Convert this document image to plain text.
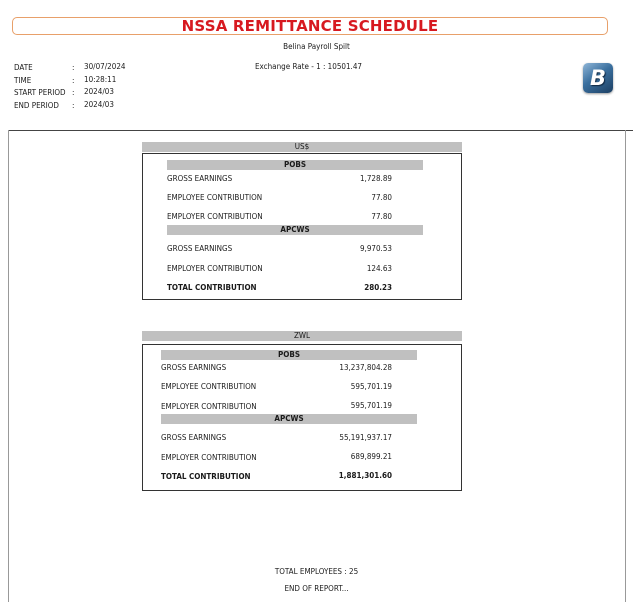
NSSA REMITTANCE SCHEDULE
Belina Payroll Spilt
Exchange Rate - 1 : 10501.47
DATE	: 30/07/2024
TIME	: 10:28:11
START PERIOD : 2024/03
END PERIOD : 2024/03
B
US$
POBS
GROSS EARNINGS	1,728.89
EMPLOYEE CONTRIBUTION	77.80
EMPLOYER CONTRIBUTION	77.80
APCWS
GROSS EARNINGS	9,970.53
EMPLOYER CONTRIBUTION	124.63
TOTAL CONTRIBUTION	280.23
ZWL
POBS
GROSS EARNINGS	13,237,804.28
EMPLOYEE CONTRIBUTION	595,701.19
EMPLOYER CONTRIBUTION	595,701.19
APCWS
GROSS EARNINGS	55,191,937.17
EMPLOYER CONTRIBUTION	689,899.21
TOTAL CONTRIBUTION	1,881,301.60
TOTAL EMPLOYEES : 25
END OF REPORT...
